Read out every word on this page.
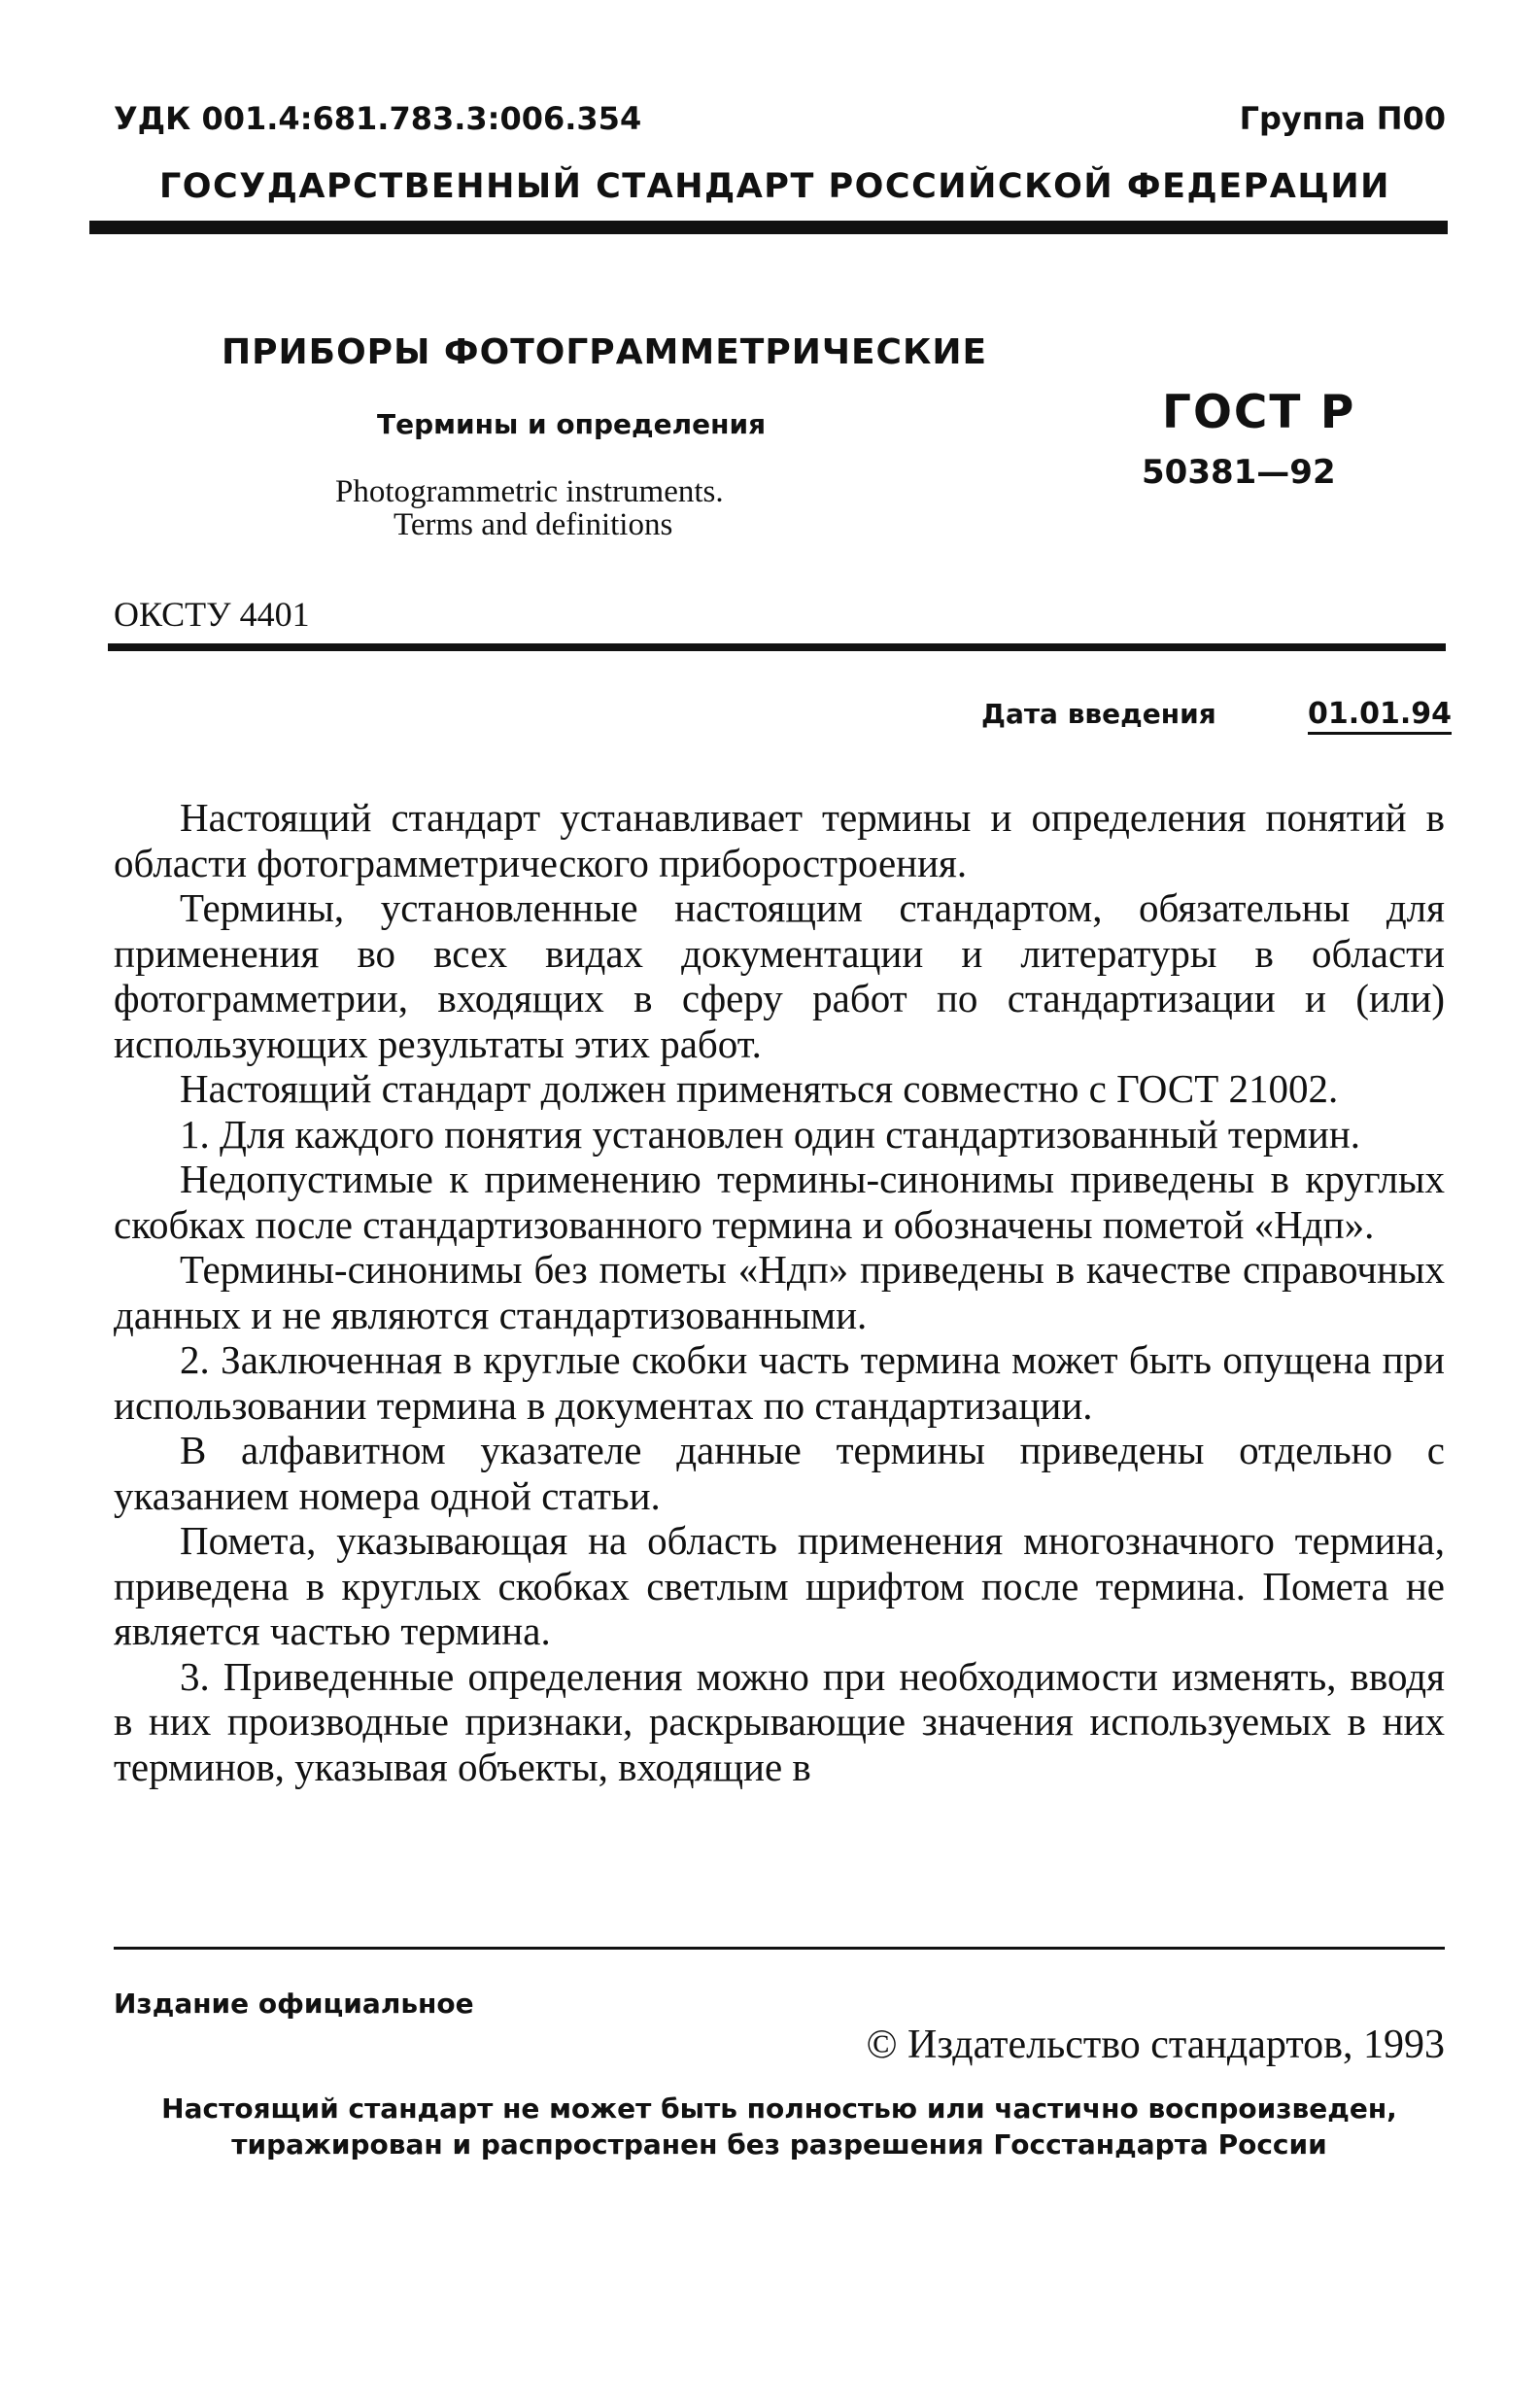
УДК 001.4:681.783.3:006.354	Группа П00
ГОСУДАРСТВЕННЫЙ СТАНДАРТ РОССИЙСКОЙ ФЕДЕРАЦИИ
ПРИБОРЫ ФОТОГРАММЕТРИЧЕСКИЕ
Термины и определения
Photogrammetric instruments.
Terms and definitions
ГОСТ Р
50381—92
ОКСТУ 4401
Дата введения	01.01.94

Настоящий стандарт устанавливает термины и определения понятий в области фотограмметрического приборостроения.

Термины, установленные настоящим стандартом, обязательны для применения во всех видах документации и литературы в области фотограмметрии, входящих в сферу работ по стандартизации и (или) использующих результаты этих работ.

Настоящий стандарт должен применяться совместно с ГОСТ 21002.

1. Для каждого понятия установлен один стандартизованный термин.

Недопустимые к применению термины-синонимы приведены в круглых скобках после стандартизованного термина и обозначены пометой «Ндп».

Термины-синонимы без пометы «Ндп» приведены в качестве справочных данных и не являются стандартизованными.

2. Заключенная в круглые скобки часть термина может быть опущена при использовании термина в документах по стандартизации.

В алфавитном указателе данные термины приведены отдельно с указанием номера одной статьи.

Помета, указывающая на область применения многозначного термина, приведена в круглых скобках светлым шрифтом после термина. Помета не является частью термина.

3. Приведенные определения можно при необходимости изменять, вводя в них производные признаки, раскрывающие значения используемых в них терминов, указывая объекты, входящие в

Издание официальное
© Издательство стандартов, 1993
Настоящий стандарт не может быть полностью или частично воспроизведен,
тиражирован и распространен без разрешения Госстандарта России
